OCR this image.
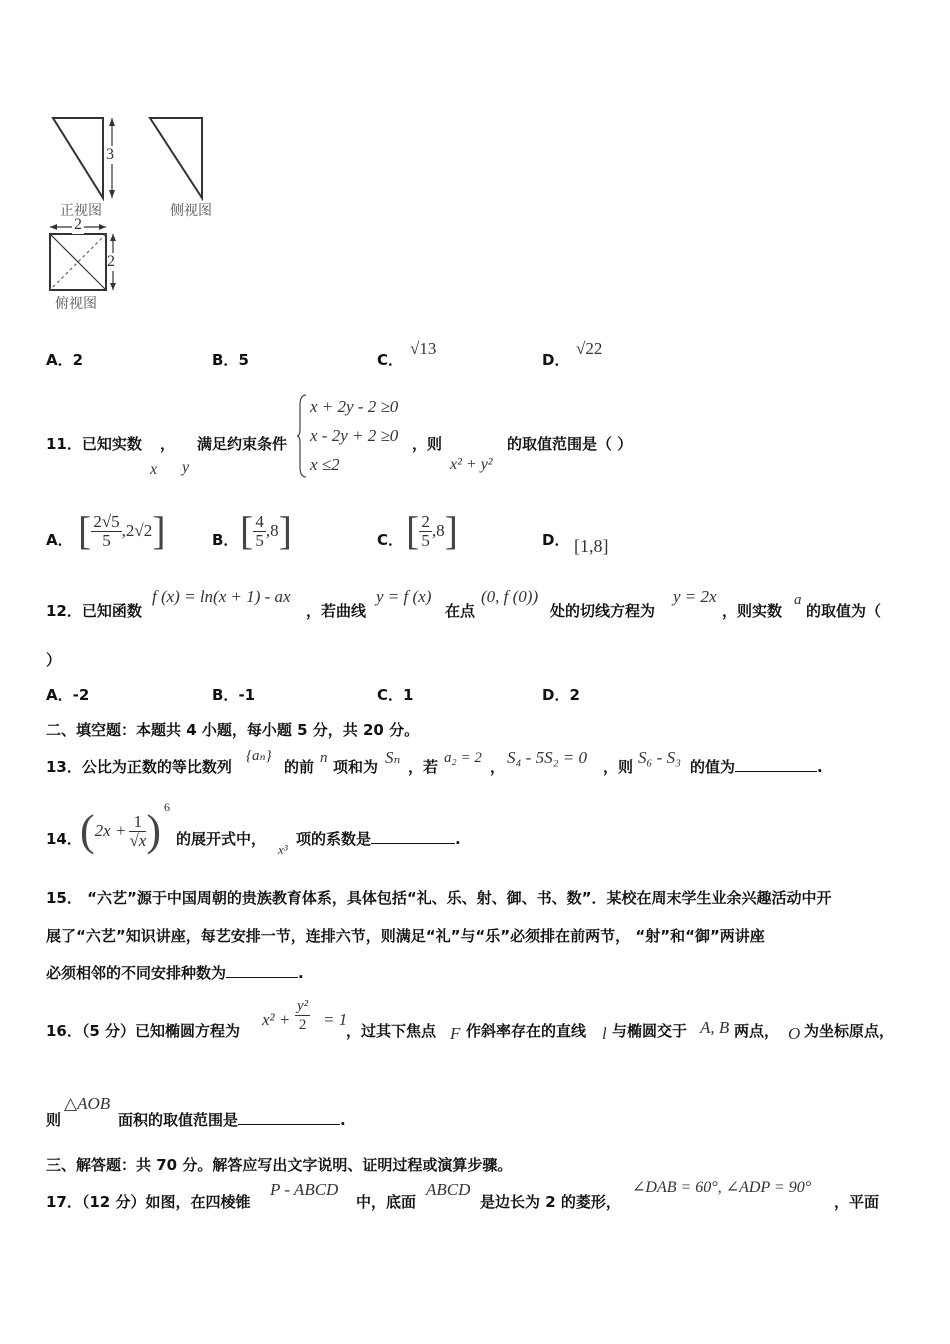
3
2
2
正视图	侧视图
俯视图
A．2	B．5	C．
√13
D．
√22
11．已知实数 ， 满足约束条件
x y
x + 2y - 2 ≥0
x - 2y + 2 ≥0
x ≤2
，则
x² + y²
的取值范围是（ ）
A． [ $\frac{2√5}{5} ,2√2$]	B． [ $\frac{4}{5} ,8$]	C． [ $\frac{2}{5} ,8$]	D． [1,8]
12．已知函数
f (x) = ln(x + 1) - ax
，若曲线
y = f (x)
在点
(0, f (0))
处的切线方程为
y = 2x
，则实数
a
的取值为（
）
A．-2	B．-1	C．1	D．2
二、填空题：本题共 4 小题，每小题 5 分，共 20 分。
13．公比为正数的等比数列
{aₙ}
的前 n 项和为 Sₙ ，若 a₂ = 2 ， S₄ - 5S₂ = 0 ，则 S₆ - S₃ 的值为	.
14．
($2x + \frac{1}{√x}$ ) 6
的展开式中，
x³
项的系数是	.
15． “六艺”源于中国周朝的贵族教育体系，具体包括“礼、乐、射、御、书、数”．某校在周末学生业余兴趣活动中开
展了“六艺”知识讲座，每艺安排一节，连排六节，则满足“礼”与“乐”必须排在前两节， “射”和“御”两讲座
必须相邻的不同安排种数为	.
16．（5 分）已知椭圆方程为
$x^2 + \frac{\text{y²}}{2} = 1$
，过其下焦点 F 作斜率存在的直线 l 与椭圆交于 A, B 两点， O 为坐标原点，
则
△AOB
面积的取值范围是	.
三、解答题：共 70 分。解答应写出文字说明、证明过程或演算步骤。
17．（12 分）如图，在四棱锥
P - ABCD
中，底面
ABCD
是边长为 2 的菱形，
∠DAB = 60°, ∠ADP = 90°
，平面
